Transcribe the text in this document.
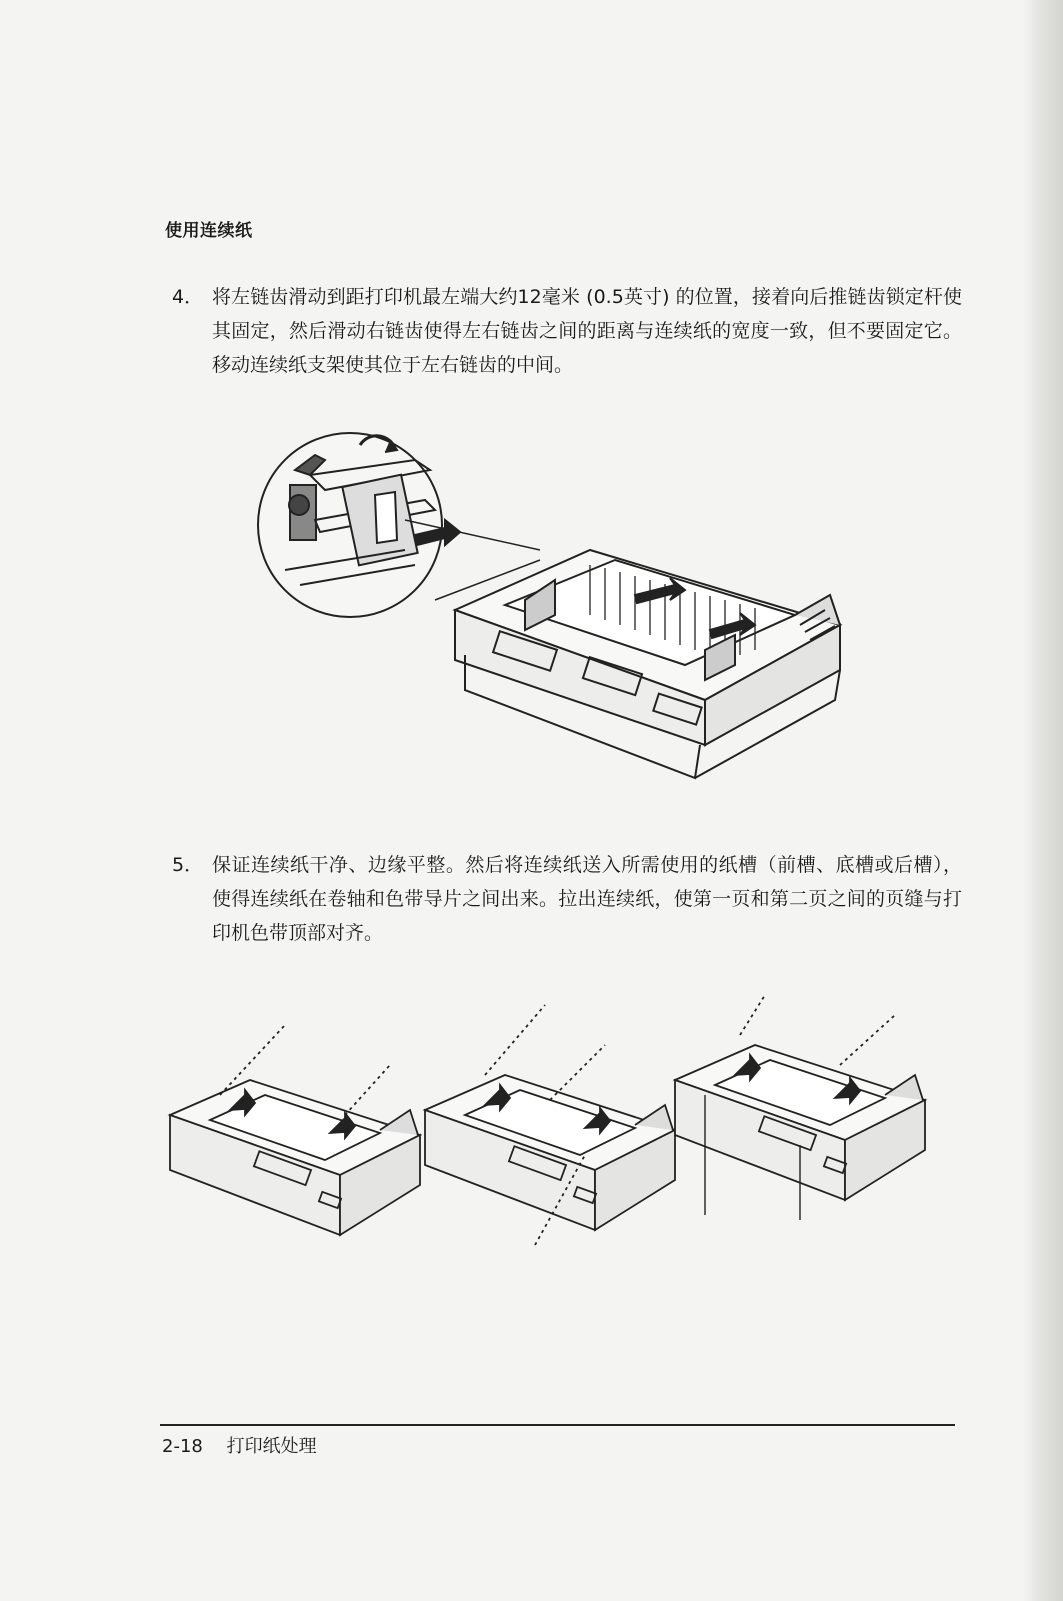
使用连续纸
4． 将左链齿滑动到距打印机最左端大约12毫米 (0.5英寸) 的位置，接着向后推链齿锁定杆使其固定，然后滑动右链齿使得左右链齿之间的距离与连续纸的宽度一致，但不要固定它。移动连续纸支架使其位于左右链齿的中间。
5． 保证连续纸干净、边缘平整。然后将连续纸送入所需使用的纸槽（前槽、底槽或后槽），使得连续纸在卷轴和色带导片之间出来。拉出连续纸，使第一页和第二页之间的页缝与打印机色带顶部对齐。
2-18 打印纸处理
